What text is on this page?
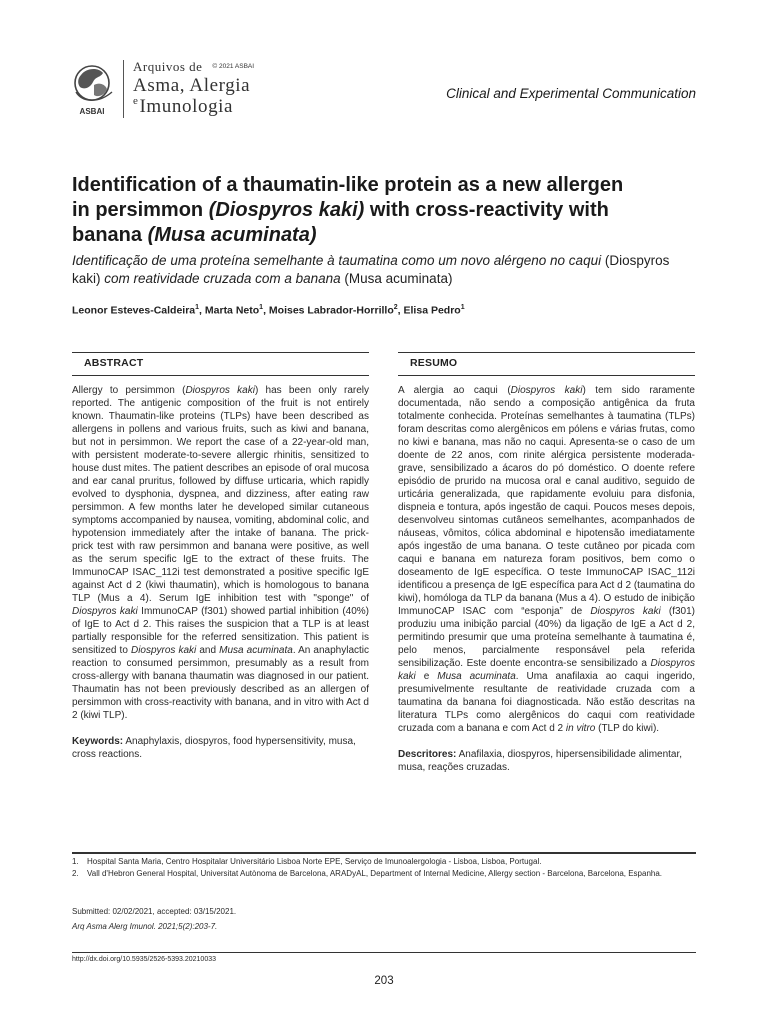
ASBAI
Arquivos de $^{© 2021 ASBAI}$
Asma, Alergia
$^e$Imunologia
Clinical and Experimental Communication
Identification of a thaumatin-like protein as a new allergen in persimmon (Diospyros kaki) with cross-reactivity with banana (Musa acuminata)
Identificação de uma proteína semelhante à taumatina como um novo alérgeno no caqui (Diospyros kaki) com reatividade cruzada com a banana (Musa acuminata)
Leonor Esteves-Caldeira$^1$, Marta Neto$^1$, Moises Labrador-Horrillo$^2$, Elisa Pedro$^1$
ABSTRACT

Allergy to persimmon (Diospyros kaki) has been only rarely reported. The antigenic composition of the fruit is not entirely known. Thaumatin-like proteins (TLPs) have been described as allergens in pollens and various fruits, such as kiwi and banana, but not in persimmon. We report the case of a 22-year-old man, with persistent moderate-to-severe allergic rhinitis, sensitized to house dust mites. The patient describes an episode of oral mucosa and ear canal pruritus, followed by diffuse urticaria, which rapidly evolved to dysphonia, dyspnea, and dizziness, after eating raw persimmon. A few months later he developed similar cutaneous symptoms accompanied by nausea, vomiting, abdominal colic, and hypotension immediately after the intake of banana. The prick-prick test with raw persimmon and banana were positive, as well as the serum specific IgE to the extract of these fruits. The ImmunoCAP ISAC_112i test demonstrated a positive specific IgE against Act d 2 (kiwi thaumatin), which is homologous to banana TLP (Mus a 4). Serum IgE inhibition test with "sponge" of Diospyros kaki ImmunoCAP (f301) showed partial inhibition (40%) of IgE to Act d 2. This raises the suspicion that a TLP is at least partially responsible for the referred sensitization. This patient is sensitized to Diospyros kaki and Musa acuminata. An anaphylactic reaction to consumed persimmon, presumably as a result from cross-allergy with banana thaumatin was diagnosed in our patient. Thaumatin has not been previously described as an allergen of persimmon with cross-reactivity with banana, and in vitro with Act d 2 (kiwi TLP).

Keywords: Anaphylaxis, diospyros, food hypersensitivity, musa, cross reactions.

RESUMO

A alergia ao caqui (Diospyros kaki) tem sido raramente documentada, não sendo a composição antigênica da fruta totalmente conhecida. Proteínas semelhantes à taumatina (TLPs) foram descritas como alergênicos em pólens e várias frutas, como no kiwi e banana, mas não no caqui. Apresenta-se o caso de um doente de 22 anos, com rinite alérgica persistente moderada-grave, sensibilizado a ácaros do pó doméstico. O doente refere episódio de prurido na mucosa oral e canal auditivo, seguido de urticária generalizada, que rapidamente evoluiu para disfonia, dispneia e tontura, após ingestão de caqui. Poucos meses depois, desenvolveu sintomas cutâneos semelhantes, acompanhados de náuseas, vômitos, cólica abdominal e hipotensão imediatamente após ingestão de uma banana. O teste cutâneo por picada com caqui e banana em natureza foram positivos, bem como o doseamento de IgE específica. O teste ImmunoCAP ISAC_112i identificou a presença de IgE específica para Act d 2 (taumatina do kiwi), homóloga da TLP da banana (Mus a 4). O estudo de inibição ImmunoCAP ISAC com “esponja” de Diospyros kaki (f301) produziu uma inibição parcial (40%) da ligação de IgE a Act d 2, permitindo presumir que uma proteína semelhante à taumatina é, pelo menos, parcialmente responsável pela referida sensibilização. Este doente encontra-se sensibilizado a Diospyros kaki e Musa acuminata. Uma anafilaxia ao caqui ingerido, presumivelmente resultante de reatividade cruzada com a taumatina da banana foi diagnosticada. Não estão descritas na literatura TLPs como alergênicos do caqui com reatividade cruzada com a banana e com Act d 2 in vitro (TLP do kiwi).

Descritores: Anafilaxia, diospyros, hipersensibilidade alimentar, musa, reações cruzadas.

1.	Hospital Santa Maria, Centro Hospitalar Universitário Lisboa Norte EPE, Serviço de Imunoalergologia - Lisboa, Lisboa, Portugal.
2.	Vall d'Hebron General Hospital, Universitat Autònoma de Barcelona, ARADyAL, Department of Internal Medicine, Allergy section - Barcelona, Barcelona, Espanha.
Submitted: 02/02/2021, accepted: 03/15/2021.
Arq Asma Alerg Imunol. 2021;5(2):203-7.
http://dx.doi.org/10.5935/2526-5393.20210033
203
